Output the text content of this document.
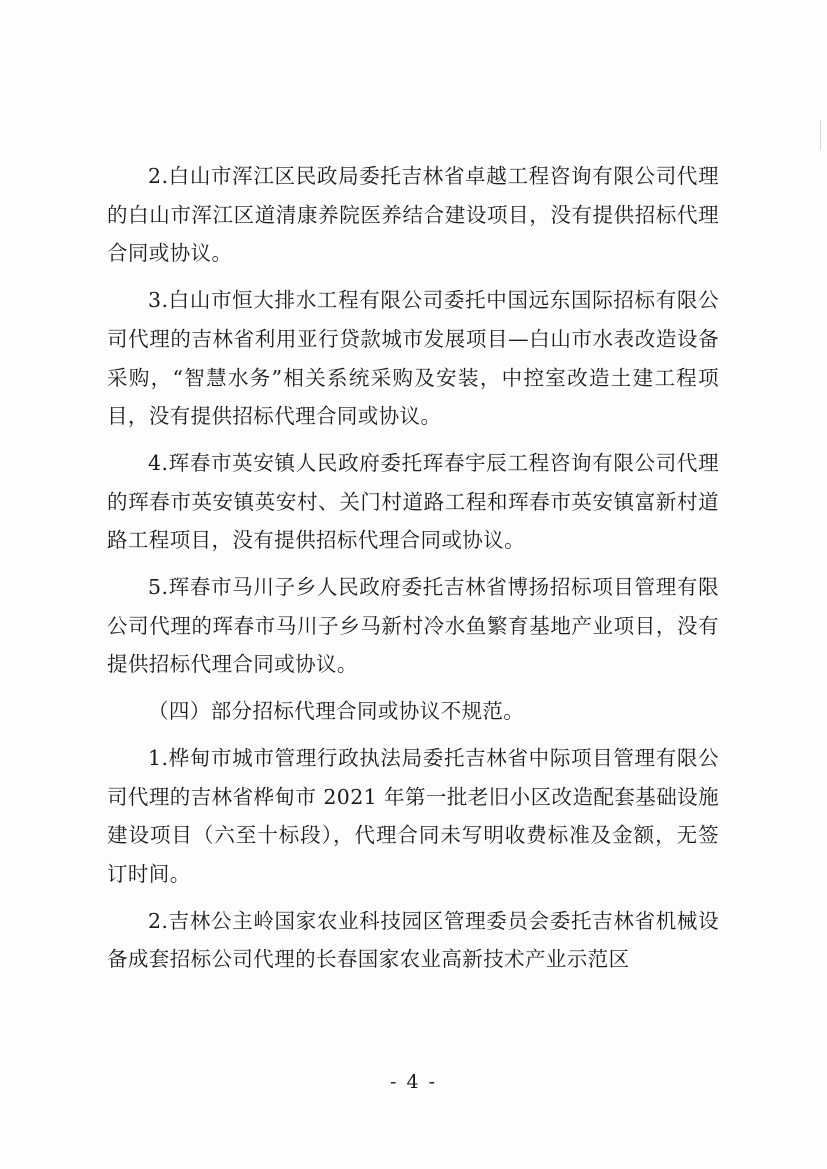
2.白山市浑江区民政局委托吉林省卓越工程咨询有限公司代理的白山市浑江区道清康养院医养结合建设项目，没有提供招标代理合同或协议。

3.白山市恒大排水工程有限公司委托中国远东国际招标有限公司代理的吉林省利用亚行贷款城市发展项目—白山市水表改造设备采购，“智慧水务”相关系统采购及安装，中控室改造土建工程项目，没有提供招标代理合同或协议。

4.珲春市英安镇人民政府委托珲春宇辰工程咨询有限公司代理的珲春市英安镇英安村、关门村道路工程和珲春市英安镇富新村道路工程项目，没有提供招标代理合同或协议。

5.珲春市马川子乡人民政府委托吉林省博扬招标项目管理有限公司代理的珲春市马川子乡马新村冷水鱼繁育基地产业项目，没有提供招标代理合同或协议。

（四）部分招标代理合同或协议不规范。

1.桦甸市城市管理行政执法局委托吉林省中际项目管理有限公司代理的吉林省桦甸市 2021 年第一批老旧小区改造配套基础设施建设项目（六至十标段），代理合同未写明收费标准及金额，无签订时间。

2.吉林公主岭国家农业科技园区管理委员会委托吉林省机械设备成套招标公司代理的长春国家农业高新技术产业示范区

- 4 -
